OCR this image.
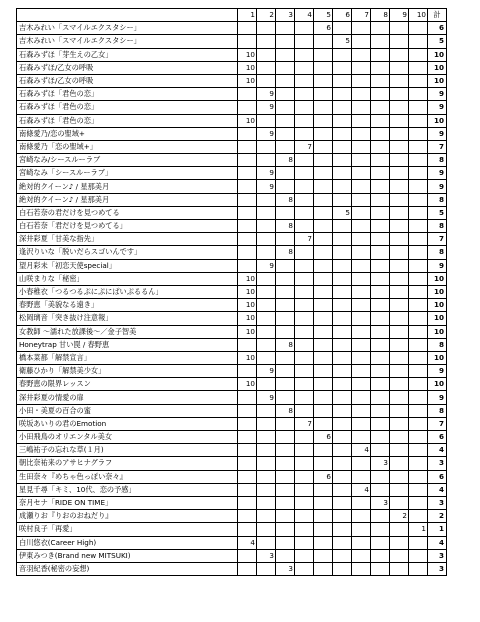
	1	2	3	4	5	6	7	8	9	10	計
吉木みれい「スマイルエクスタシー」					6						6
吉木みれい「スマイルエクスタシー」						5					5
石森みずほ「芽生えの乙女」	10										10
石森みずほ/乙女の呼吸	10										10
石森みずほ/乙女の呼吸	10										10
石森みずほ「君色の恋」		9									9
石森みずほ「君色の恋」		9									9
石森みずほ「君色の恋」	10										10
南條愛乃/恋の聖域+		9									9
南條愛乃「恋の聖域+」				7							7
宮崎なみ/シースルーラブ			8								8
宮崎なみ「シースルーラブ」		9									9
絶対的クイーン♪ / 星那美月		9									9
絶対的クイーン♪ / 星那美月			8								8
白石若奈の君だけを見つめてる						5					5
白石若奈「君だけを見つめてる」			8								8
深井彩夏「甘美な指先」				7							7
逢沢りいな「脱いだらスゴいんです」			8								8
望月彩未「初恋天使special」		9									9
山咲まりな「秘密」	10										10
小春稚衣「つるつるぷにぷにぱいぷるるん」	10										10
春野恵「美貌なる遠き」	10										10
松岡璃音「突き抜け注意報」	10										10
女教師 ～濡れた放課後～／金子智美	10										10
Honeytrap 甘い罠 / 春野恵			8								8
橋本菜都「解禁宣言」	10										10
衛藤ひかり「解禁美少女」		9									9
春野恵の限界レッスン	10										10
深井彩夏の情愛の扉		9									9
小田・美夏の百合の蜜			8								8
咲坂あいりの君のEmotion				7							7
小田飛鳥のオリエンタル美女					6						6
三嶋祐子の忘れな草(１月)							4				4
朝比奈祐来のアサヒナグラフ								3			3
生田奈々『めちゃ色っぽい奈々』					6						6
星見千尋「キミ、10代、恋の予感」							4				4
奈月セナ「RIDE ON TIME」								3			3
成瀬りお『りおのおねだり』									2		2
咲村良子「再愛」										1	1
白川悠衣(Career High)	4										4
伊東みつき(Brand new MITSUKI)		3									3
音羽紀香(秘密の妄想)			3								3
